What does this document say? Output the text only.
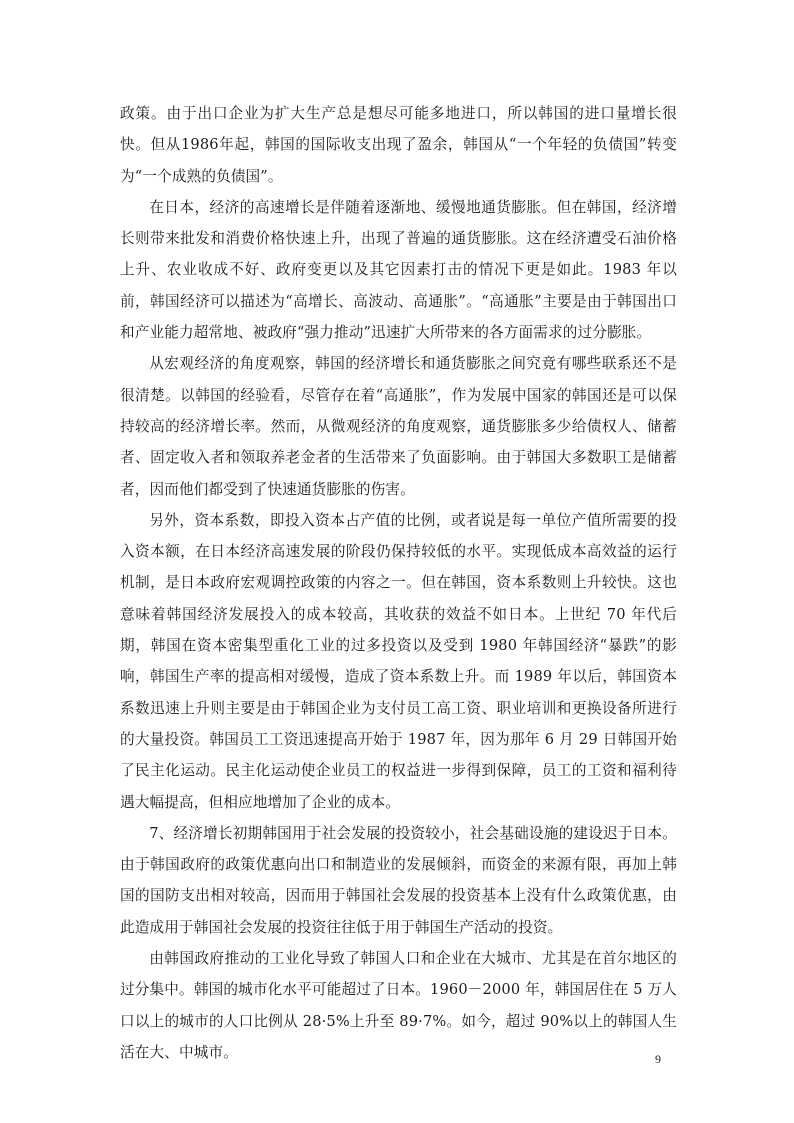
政策。由于出口企业为扩大生产总是想尽可能多地进口，所以韩国的进口量增长很快。但从1986年起，韩国的国际收支出现了盈余，韩国从“一个年轻的负债国”转变为“一个成熟的负债国”。

在日本，经济的高速增长是伴随着逐渐地、缓慢地通货膨胀。但在韩国，经济增长则带来批发和消费价格快速上升，出现了普遍的通货膨胀。这在经济遭受石油价格上升、农业收成不好、政府变更以及其它因素打击的情况下更是如此。1983 年以前，韩国经济可以描述为“高增长、高波动、高通胀”。“高通胀”主要是由于韩国出口和产业能力超常地、被政府“强力推动”迅速扩大所带来的各方面需求的过分膨胀。

从宏观经济的角度观察，韩国的经济增长和通货膨胀之间究竟有哪些联系还不是很清楚。以韩国的经验看，尽管存在着“高通胀”，作为发展中国家的韩国还是可以保持较高的经济增长率。然而，从微观经济的角度观察，通货膨胀多少给债权人、储蓄者、固定收入者和领取养老金者的生活带来了负面影响。由于韩国大多数职工是储蓄者，因而他们都受到了快速通货膨胀的伤害。

另外，资本系数，即投入资本占产值的比例，或者说是每一单位产值所需要的投入资本额，在日本经济高速发展的阶段仍保持较低的水平。实现低成本高效益的运行机制，是日本政府宏观调控政策的内容之一。但在韩国，资本系数则上升较快。这也意味着韩国经济发展投入的成本较高，其收获的效益不如日本。上世纪 70 年代后期，韩国在资本密集型重化工业的过多投资以及受到 1980 年韩国经济“暴跌”的影响，韩国生产率的提高相对缓慢，造成了资本系数上升。而 1989 年以后，韩国资本系数迅速上升则主要是由于韩国企业为支付员工高工资、职业培训和更换设备所进行的大量投资。韩国员工工资迅速提高开始于 1987 年，因为那年 6 月 29 日韩国开始了民主化运动。民主化运动使企业员工的权益进一步得到保障，员工的工资和福利待遇大幅提高，但相应地增加了企业的成本。

7、经济增长初期韩国用于社会发展的投资较小，社会基础设施的建设迟于日本。由于韩国政府的政策优惠向出口和制造业的发展倾斜，而资金的来源有限，再加上韩国的国防支出相对较高，因而用于韩国社会发展的投资基本上没有什么政策优惠，由此造成用于韩国社会发展的投资往往低于用于韩国生产活动的投资。

由韩国政府推动的工业化导致了韩国人口和企业在大城市、尤其是在首尔地区的过分集中。韩国的城市化水平可能超过了日本。1960－2000 年，韩国居住在 5 万人口以上的城市的人口比例从 28·5%上升至 89·7%。如今，超过 90%以上的韩国人生活在大、中城市。	9
